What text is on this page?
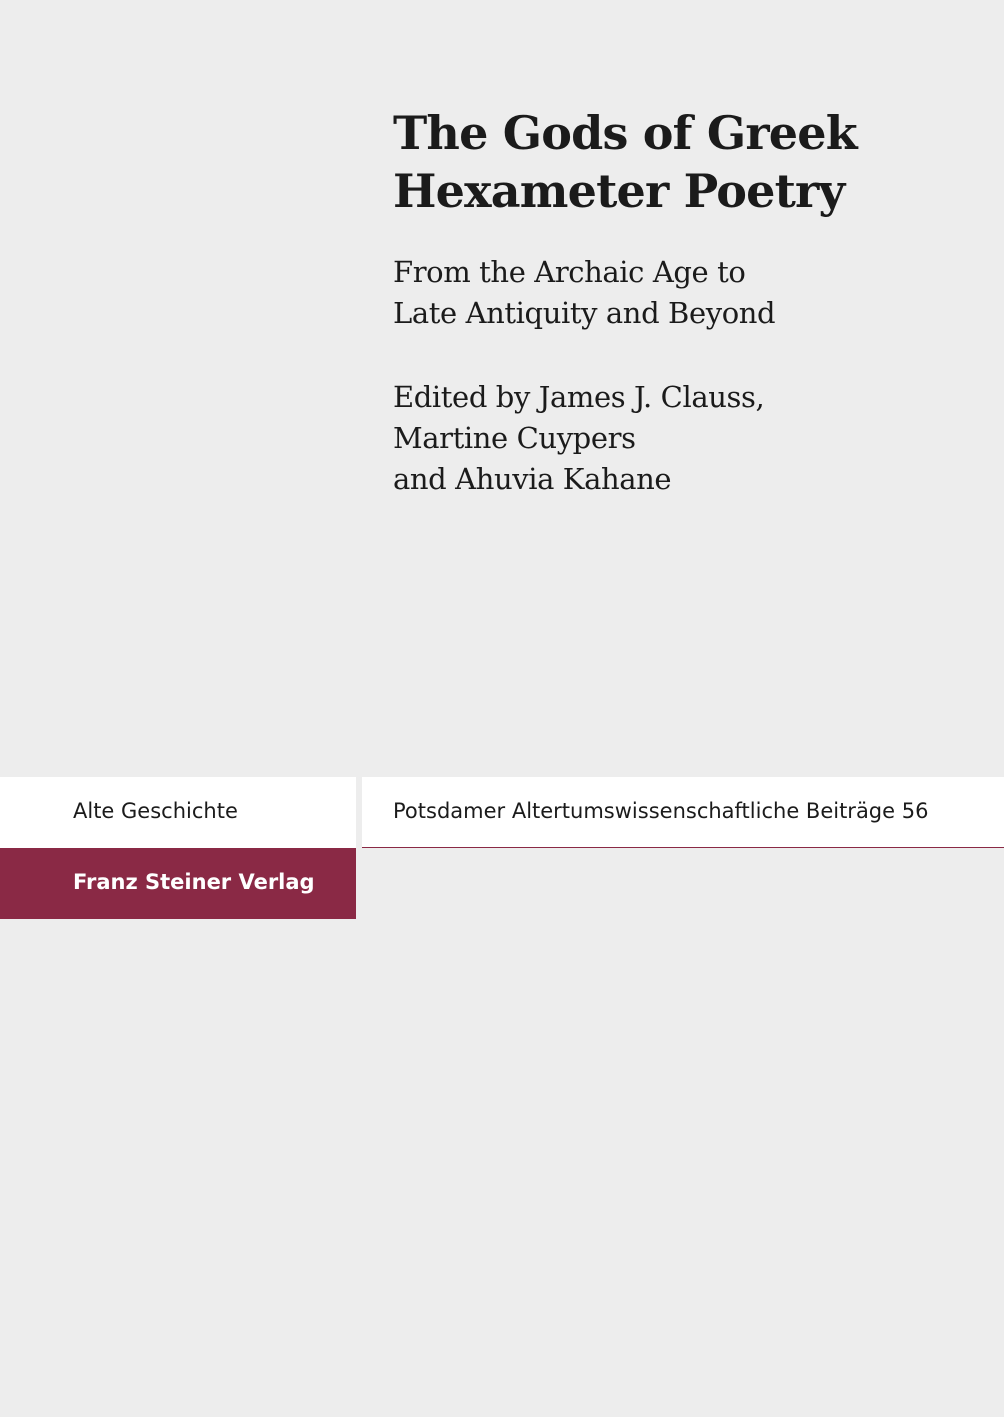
The Gods of Greek
Hexameter Poetry
From the Archaic Age to
Late Antiquity and Beyond
Edited by James J. Clauss,
Martine Cuypers
and Ahuvia Kahane
Alte Geschichte	Potsdamer Altertumswissenschaftliche Beiträge 56
Franz Steiner Verlag
